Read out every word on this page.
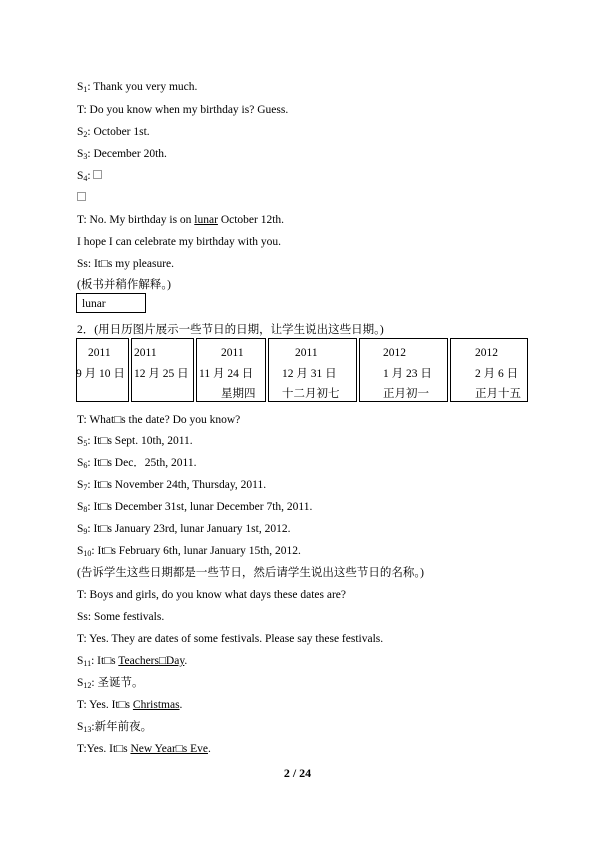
$S_1$: Thank you very much.
T: Do you know when my birthday is? Guess.
$S_2$: October 1st.
$S_3$: December 20th.
$S_4$:
T: No. My birthday is on lunar October 12th.
I hope I can celebrate my birthday with you.
Ss: It□s my pleasure.
(板书并稍作解释。)
lunar
2．(用日历图片展示一些节日的日期，让学生说出这些日期。)
2011
9 月 10 日
2011
12 月 25 日
2011
11 月 24 日
星期四
2011
12 月 31 日
十二月初七
2012
1 月 23 日
正月初一
2012
2 月 6 日
正月十五
T: What□s the date? Do you know?
$S_5$: It□s Sept. 10th, 2011.
$S_6$: It□s Dec．25th, 2011.
$S_7$: It□s November 24th, Thursday, 2011.
$S_8$: It□s December 31st, lunar December 7th, 2011.
$S_9$: It□s January 23rd, lunar January 1st, 2012.
$S_{10}$: It□s February 6th, lunar January 15th, 2012.
(告诉学生这些日期都是一些节日，然后请学生说出这些节日的名称。)
T: Boys and girls, do you know what days these dates are?
Ss: Some festivals.
T: Yes. They are dates of some festivals. Please say these festivals.
$S_{11}$: It□s Teachers□Day.
$S_{12}$: 圣诞节。
T: Yes. It□s Christmas.
$S_{13}$:新年前夜。
T:Yes. It□s New Year□s Eve.
2 / 24
